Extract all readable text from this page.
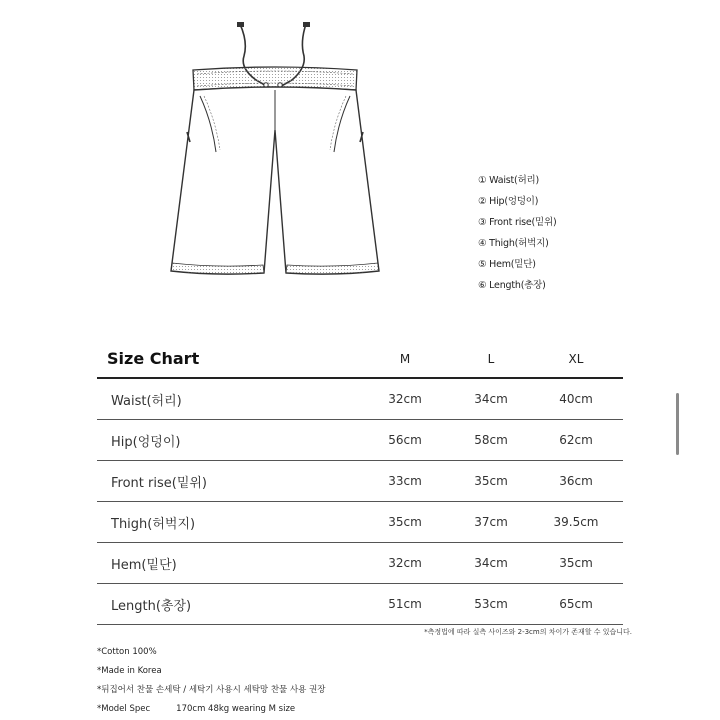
① Waist(허리)
② Hip(엉덩이)
③ Front rise(밑위)
④ Thigh(허벅지)
⑤ Hem(밑단)
⑥ Length(총장)
Size Chart	M	L	XL
Waist(허리)	32cm	34cm	40cm
Hip(엉덩이)	56cm	58cm	62cm
Front rise(밑위)	33cm	35cm	36cm
Thigh(허벅지)	35cm	37cm	39.5cm
Hem(밑단)	32cm	34cm	35cm
Length(총장)	51cm	53cm	65cm
*측정법에 따라 실측 사이즈와 2-3cm의 차이가 존재할 수 있습니다.
*Cotton 100%
*Made in Korea
*뒤집어서 찬물 손세탁 / 세탁기 사용시 세탁망 찬물 사용 권장
*Model Spec	170cm 48kg wearing M size
